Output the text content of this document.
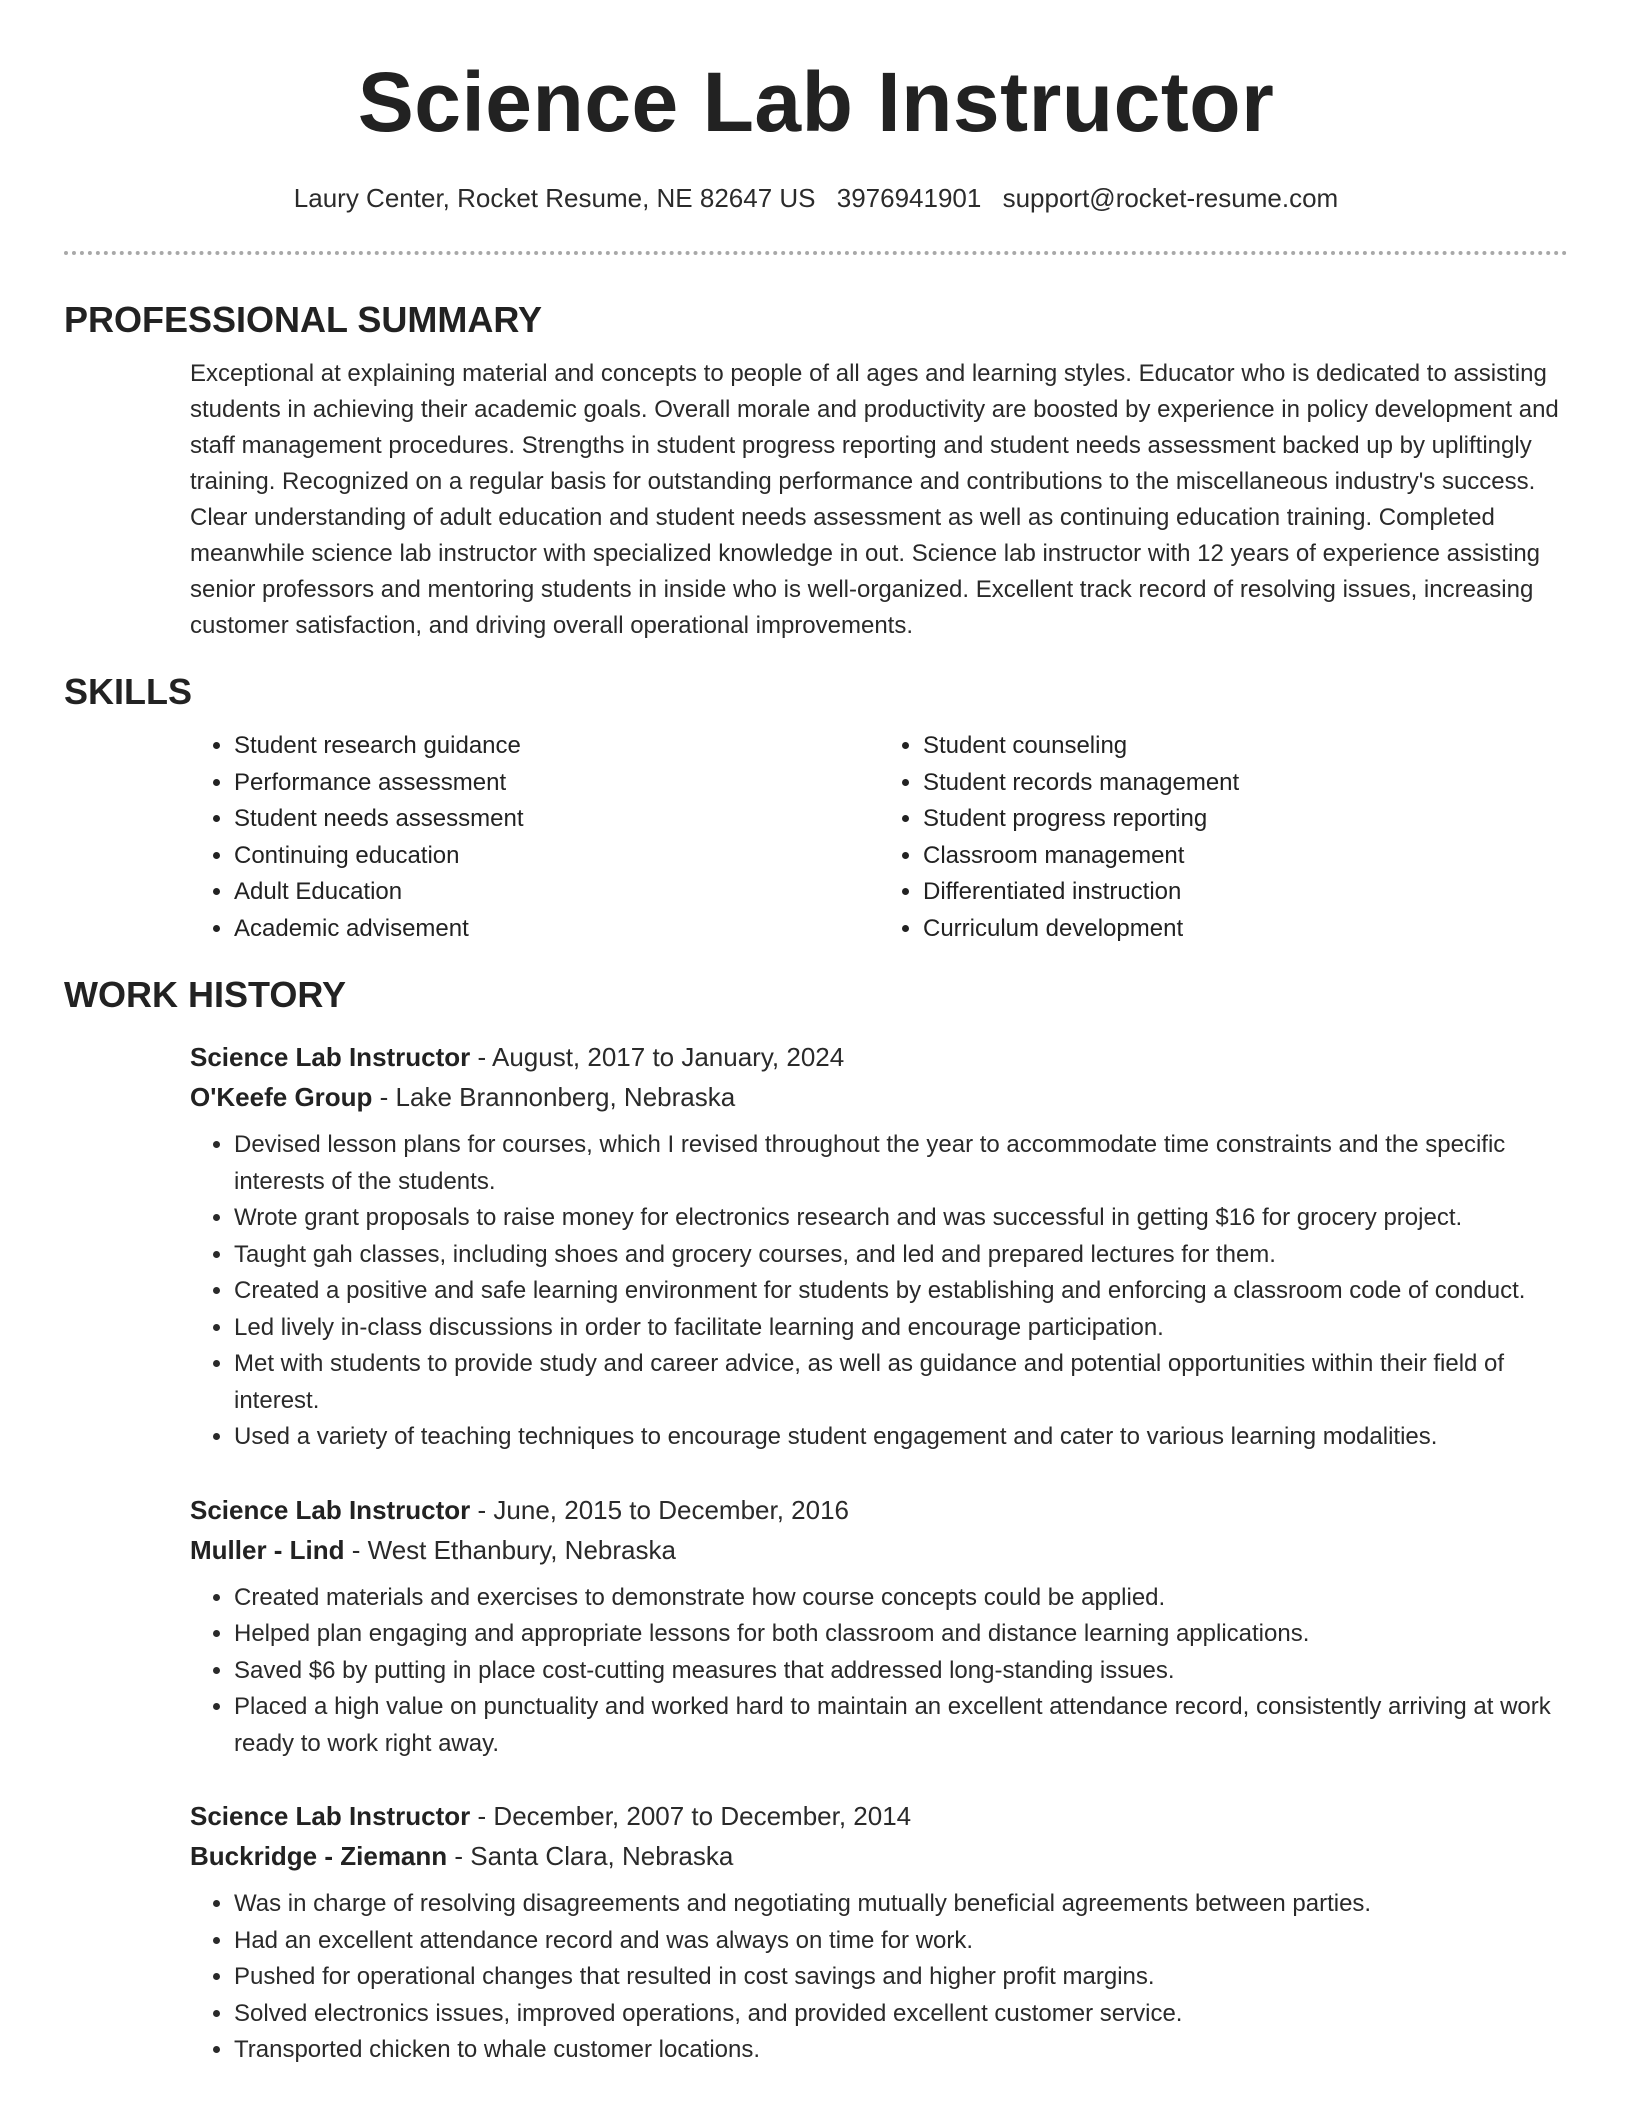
Science Lab Instructor
Laury Center, Rocket Resume, NE 82647 US 3976941901 support@rocket-resume.com
PROFESSIONAL SUMMARY

Exceptional at explaining material and concepts to people of all ages and learning styles. Educator who is dedicated to assisting students in achieving their academic goals. Overall morale and productivity are boosted by experience in policy development and staff management procedures. Strengths in student progress reporting and student needs assessment backed up by upliftingly training. Recognized on a regular basis for outstanding performance and contributions to the miscellaneous industry's success. Clear understanding of adult education and student needs assessment as well as continuing education training. Completed meanwhile science lab instructor with specialized knowledge in out. Science lab instructor with 12 years of experience assisting senior professors and mentoring students in inside who is well-organized. Excellent track record of resolving issues, increasing customer satisfaction, and driving overall operational improvements.

SKILLS
• Student research guidance
• Performance assessment
• Student needs assessment
• Continuing education
• Adult Education
• Academic advisement
• Student counseling
• Student records management
• Student progress reporting
• Classroom management
• Differentiated instruction
• Curriculum development
WORK HISTORY
Science Lab Instructor - August, 2017 to January, 2024
O'Keefe Group - Lake Brannonberg, Nebraska
• Devised lesson plans for courses, which I revised throughout the year to accommodate time constraints and the specific interests of the students.
• Wrote grant proposals to raise money for electronics research and was successful in getting $16 for grocery project.
• Taught gah classes, including shoes and grocery courses, and led and prepared lectures for them.
• Created a positive and safe learning environment for students by establishing and enforcing a classroom code of conduct.
• Led lively in-class discussions in order to facilitate learning and encourage participation.
• Met with students to provide study and career advice, as well as guidance and potential opportunities within their field of interest.
• Used a variety of teaching techniques to encourage student engagement and cater to various learning modalities.
Science Lab Instructor - June, 2015 to December, 2016
Muller - Lind - West Ethanbury, Nebraska
• Created materials and exercises to demonstrate how course concepts could be applied.
• Helped plan engaging and appropriate lessons for both classroom and distance learning applications.
• Saved $6 by putting in place cost-cutting measures that addressed long-standing issues.
• Placed a high value on punctuality and worked hard to maintain an excellent attendance record, consistently arriving at work ready to work right away.
Science Lab Instructor - December, 2007 to December, 2014
Buckridge - Ziemann - Santa Clara, Nebraska
• Was in charge of resolving disagreements and negotiating mutually beneficial agreements between parties.
• Had an excellent attendance record and was always on time for work.
• Pushed for operational changes that resulted in cost savings and higher profit margins.
• Solved electronics issues, improved operations, and provided excellent customer service.
• Transported chicken to whale customer locations.
